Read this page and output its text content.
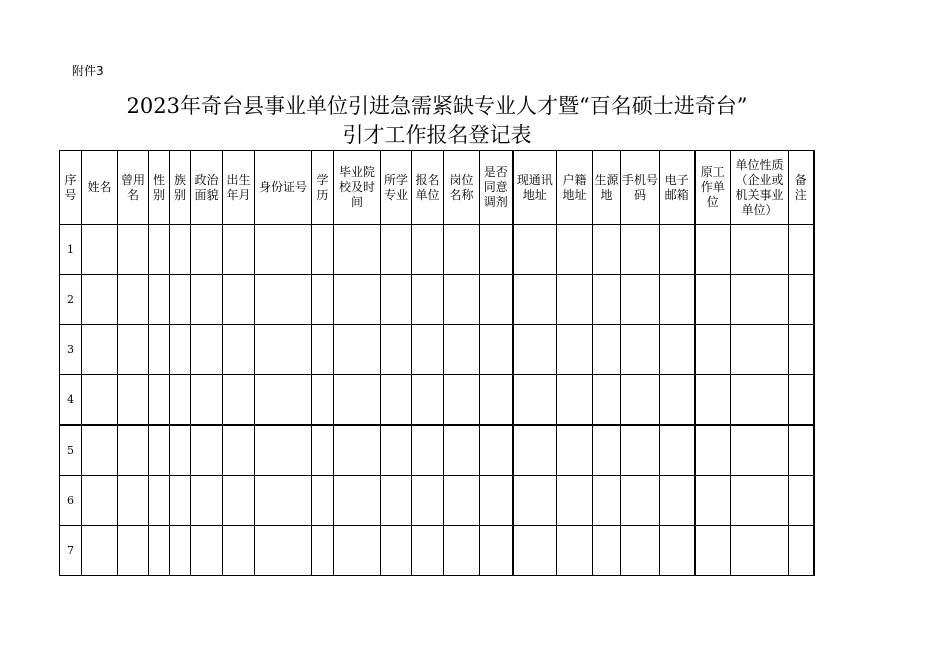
附件3
2023年奇台县事业单位引进急需紧缺专业人才暨“百名硕士进奇台”
引才工作报名登记表
序号	姓名	曾用名	性别	族别	政治面貌	出生年月	身份证号	学历	毕业院校及时间	所学专业	报名单位	岗位名称	是否同意调剂	现通讯地址	户籍地址	生源地	手机号码	电子邮箱	原工作单位	单位性质（企业或机关事业单位）	备注

1																					
2																					
3																					
4																					
5																					
6																					
7																					
